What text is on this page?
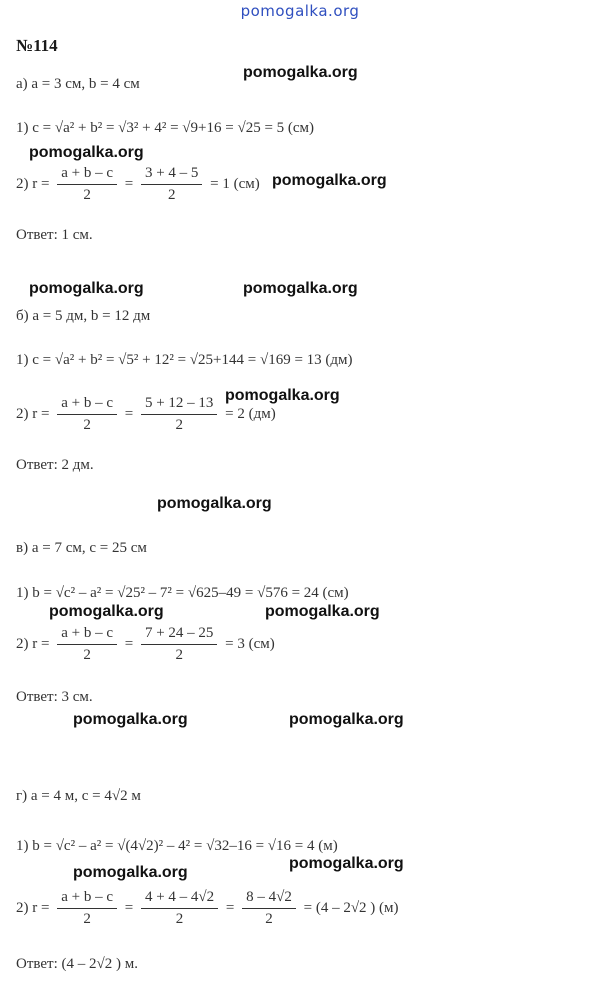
pomogalka.org
№114
а) a = 3 см, b = 4 см
1) c = √a² + b² = √3² + 4² = √9+16 = √25 = 5 (см)
2) $r = \frac{a + b - c}{2} = \frac{3 + 4 - 5}{2} = 1$ (см)
Ответ: 1 см.
б) a = 5 дм, b = 12 дм
1) c = √a² + b² = √5² + 12² = √25+144 = √169 = 13 (дм)
2) $r = \frac{a + b - c}{2} = \frac{5 + 12 - 13}{2} = 2$ (дм)
Ответ: 2 дм.
в) a = 7 см, c = 25 см
1) b = √c² – a² = √25² – 7² = √625–49 = √576 = 24 (см)
2) $r = \frac{a + b - c}{2} = \frac{7 + 24 - 25}{2} = 3$ (см)
Ответ: 3 см.
г) a = 4 м, c = 4√2 м
1) b = √c² – a² = √(4√2)² – 4² = √32–16 = √16 = 4 (м)
2) $r = \frac{a + b - c}{2} = \frac{4 + 4 - 4√2}{2} = \frac{8 - 4√2}{2} = (4 - 2√2$ ) (м)
Ответ: (4 – 2√2 ) м.
pomogalka.org
pomogalka.org
pomogalka.org
pomogalka.org	pomogalka.org
pomogalka.org
pomogalka.org
pomogalka.org	pomogalka.org
pomogalka.org	pomogalka.org
pomogalka.org
pomogalka.org
